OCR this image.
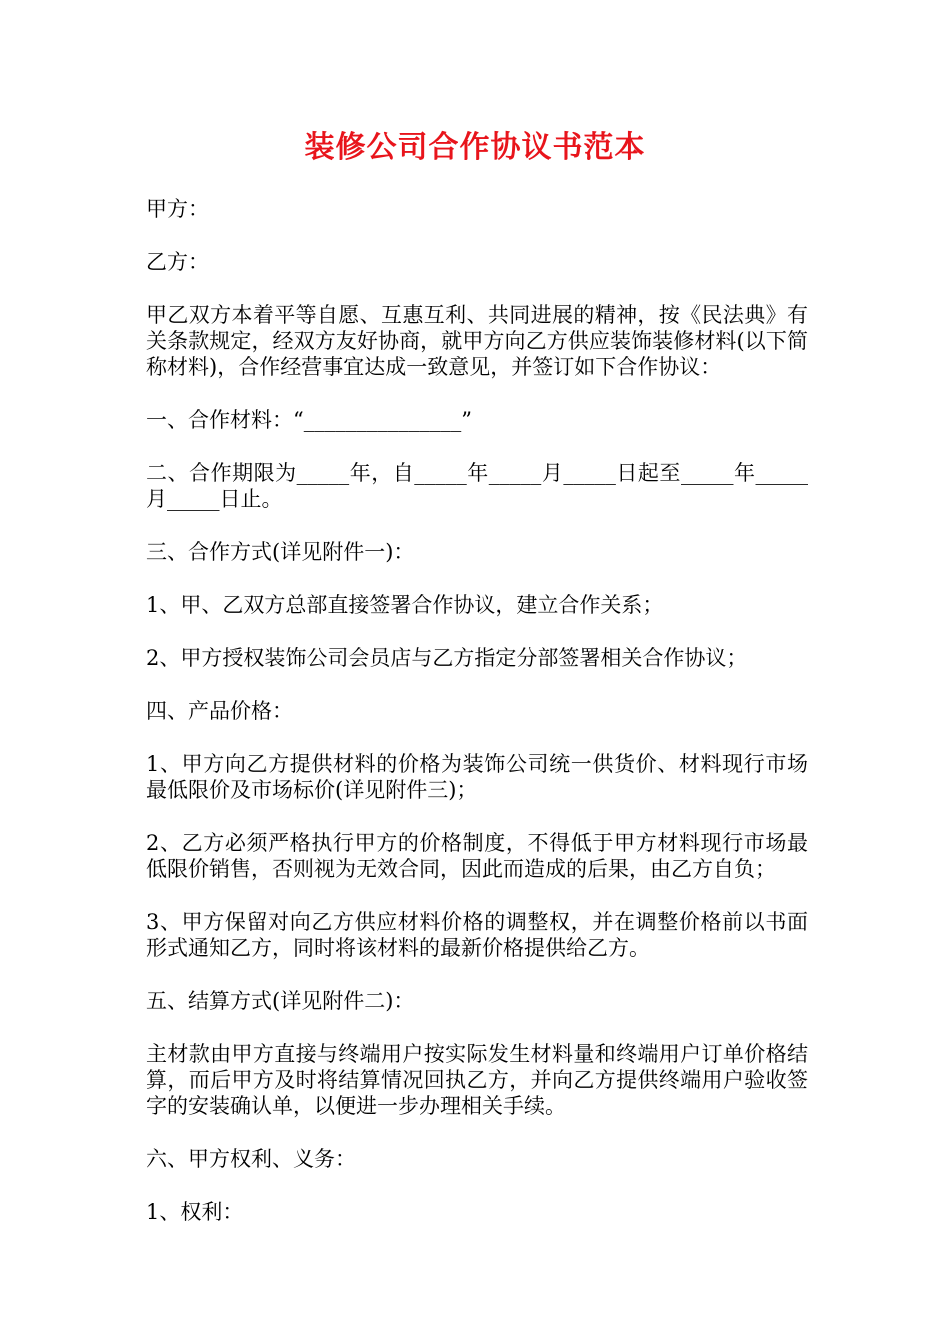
装修公司合作协议书范本

甲方：

乙方：

甲乙双方本着平等自愿、互惠互利、共同进展的精神，按《民法典》有关条款规定，经双方友好协商，就甲方向乙方供应装饰装修材料(以下简称材料)，合作经营事宜达成一致意见，并签订如下合作协议：

一、合作材料：“_______________”

二、合作期限为_____年，自_____年_____月_____日起至_____年_____月_____日止。

三、合作方式(详见附件一)：

1、甲、乙双方总部直接签署合作协议，建立合作关系；

2、甲方授权装饰公司会员店与乙方指定分部签署相关合作协议；

四、产品价格：

1、甲方向乙方提供材料的价格为装饰公司统一供货价、材料现行市场最低限价及市场标价(详见附件三)；

2、乙方必须严格执行甲方的价格制度，不得低于甲方材料现行市场最低限价销售，否则视为无效合同，因此而造成的后果，由乙方自负；

3、甲方保留对向乙方供应材料价格的调整权，并在调整价格前以书面形式通知乙方，同时将该材料的最新价格提供给乙方。

五、结算方式(详见附件二)：

主材款由甲方直接与终端用户按实际发生材料量和终端用户订单价格结算，而后甲方及时将结算情况回执乙方，并向乙方提供终端用户验收签字的安装确认单，以便进一步办理相关手续。

六、甲方权利、义务：

1、权利：
